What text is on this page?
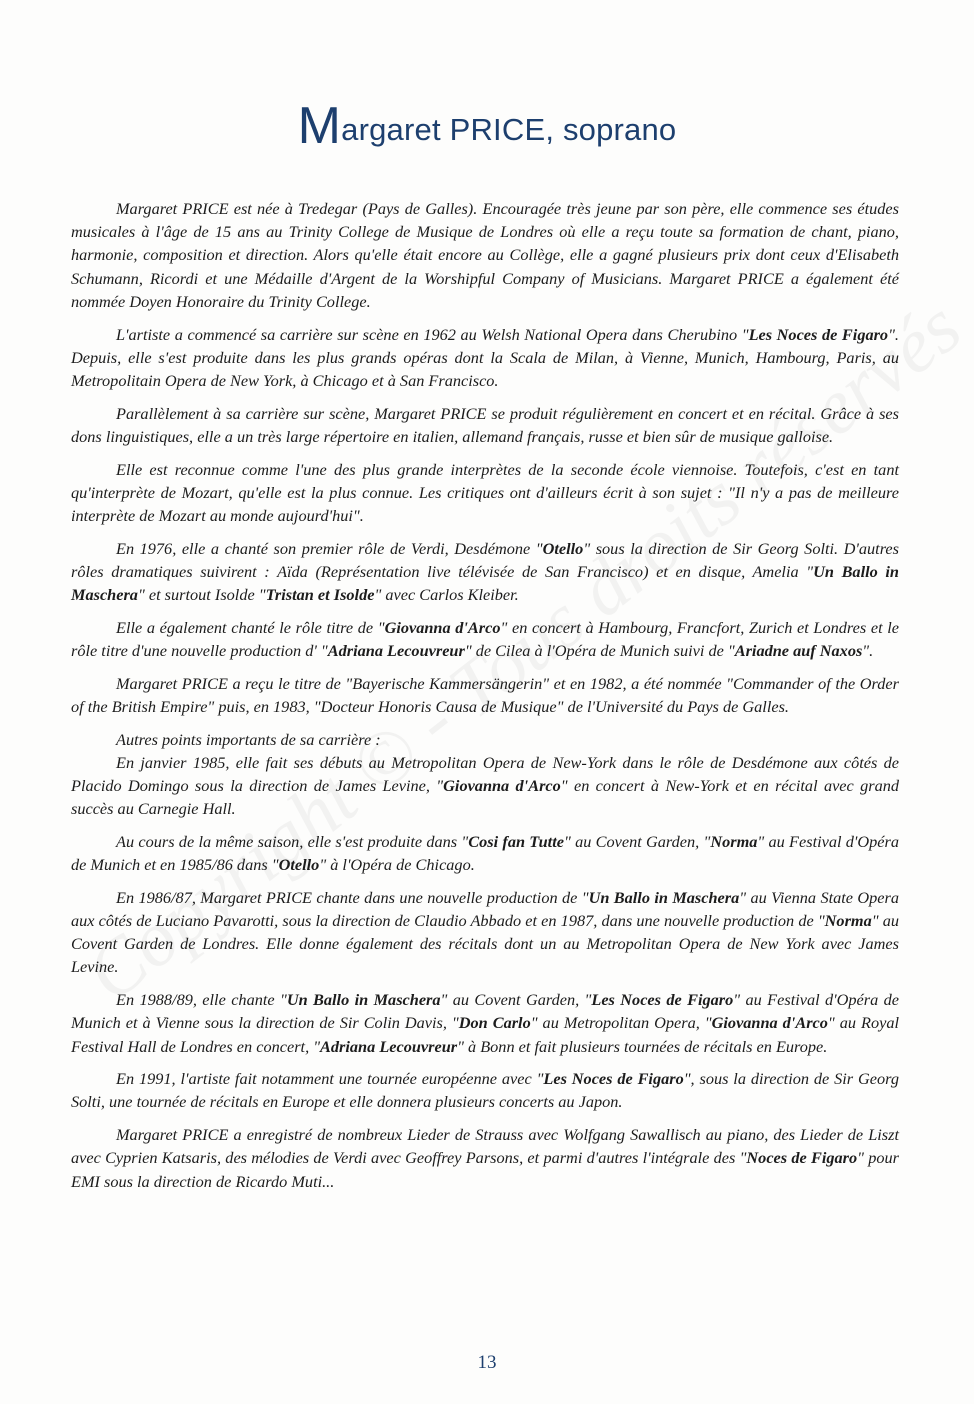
Margaret PRICE, soprano

Margaret PRICE est née à Tredegar (Pays de Galles). Encouragée très jeune par son père, elle commence ses études musicales à l'âge de 15 ans au Trinity College de Musique de Londres où elle a reçu toute sa formation de chant, piano, harmonie, composition et direction. Alors qu'elle était encore au Collège, elle a gagné plusieurs prix dont ceux d'Elisabeth Schumann, Ricordi et une Médaille d'Argent de la Worshipful Company of Musicians. Margaret PRICE a également été nommée Doyen Honoraire du Trinity College.

L'artiste a commencé sa carrière sur scène en 1962 au Welsh National Opera dans Cherubino "Les Noces de Figaro". Depuis, elle s'est produite dans les plus grands opéras dont la Scala de Milan, à Vienne, Munich, Hambourg, Paris, au Metropolitain Opera de New York, à Chicago et à San Francisco.

Parallèlement à sa carrière sur scène, Margaret PRICE se produit régulièrement en concert et en récital. Grâce à ses dons linguistiques, elle a un très large répertoire en italien, allemand français, russe et bien sûr de musique galloise.

Elle est reconnue comme l'une des plus grande interprètes de la seconde école viennoise. Toutefois, c'est en tant qu'interprète de Mozart, qu'elle est la plus connue. Les critiques ont d'ailleurs écrit à son sujet : "Il n'y a pas de meilleure interprète de Mozart au monde aujourd'hui".

En 1976, elle a chanté son premier rôle de Verdi, Desdémone "Otello" sous la direction de Sir Georg Solti. D'autres rôles dramatiques suivirent : Aïda (Représentation live télévisée de San Francisco) et en disque, Amelia "Un Ballo in Maschera" et surtout Isolde "Tristan et Isolde" avec Carlos Kleiber.

Elle a également chanté le rôle titre de "Giovanna d'Arco" en concert à Hambourg, Francfort, Zurich et Londres et le rôle titre d'une nouvelle production d' "Adriana Lecouvreur" de Cilea à l'Opéra de Munich suivi de "Ariadne auf Naxos".

Margaret PRICE a reçu le titre de "Bayerische Kammersängerin" et en 1982, a été nommée "Commander of the Order of the British Empire" puis, en 1983, "Docteur Honoris Causa de Musique" de l'Université du Pays de Galles.

Autres points importants de sa carrière :

En janvier 1985, elle fait ses débuts au Metropolitan Opera de New-York dans le rôle de Desdémone aux côtés de Placido Domingo sous la direction de James Levine, "Giovanna d'Arco" en concert à New-York et en récital avec grand succès au Carnegie Hall.

Au cours de la même saison, elle s'est produite dans "Cosi fan Tutte" au Covent Garden, "Norma" au Festival d'Opéra de Munich et en 1985/86 dans "Otello" à l'Opéra de Chicago.

En 1986/87, Margaret PRICE chante dans une nouvelle production de "Un Ballo in Maschera" au Vienna State Opera aux côtés de Luciano Pavarotti, sous la direction de Claudio Abbado et en 1987, dans une nouvelle production de "Norma" au Covent Garden de Londres. Elle donne également des récitals dont un au Metropolitan Opera de New York avec James Levine.

En 1988/89, elle chante "Un Ballo in Maschera" au Covent Garden, "Les Noces de Figaro" au Festival d'Opéra de Munich et à Vienne sous la direction de Sir Colin Davis, "Don Carlo" au Metropolitan Opera, "Giovanna d'Arco" au Royal Festival Hall de Londres en concert, "Adriana Lecouvreur" à Bonn et fait plusieurs tournées de récitals en Europe.

En 1991, l'artiste fait notamment une tournée européenne avec "Les Noces de Figaro", sous la direction de Sir Georg Solti, une tournée de récitals en Europe et elle donnera plusieurs concerts au Japon.

Margaret PRICE a enregistré de nombreux Lieder de Strauss avec Wolfgang Sawallisch au piano, des Lieder de Liszt avec Cyprien Katsaris, des mélodies de Verdi avec Geoffrey Parsons, et parmi d'autres l'intégrale des "Noces de Figaro" pour EMI sous la direction de Ricardo Muti...

13
